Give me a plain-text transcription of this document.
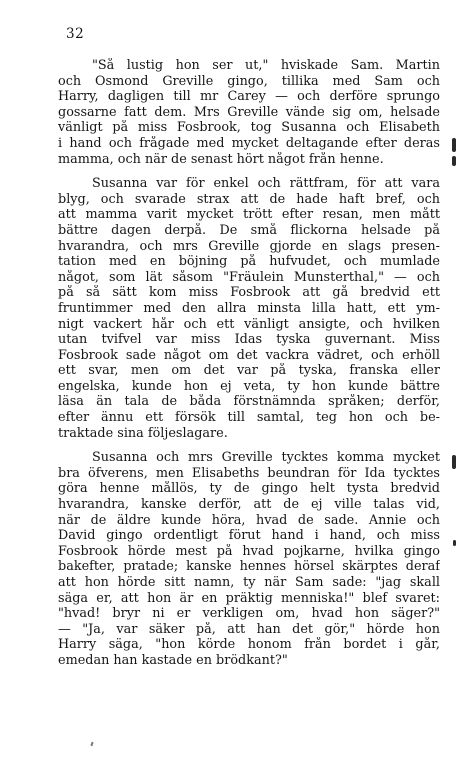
32
"Så lustig hon ser ut," hviskade Sam. Martin
och Osmond Greville gingo, tillika med Sam och
Harry, dagligen till mr Carey — och derföre sprungo
gossarne fatt dem. Mrs Greville vände sig om, helsade
vänligt på miss Fosbrook, tog Susanna och Elisabeth
i hand och frågade med mycket deltagande efter deras
mamma, och när de senast hört något från henne.
Susanna var för enkel och rättfram, för att vara
blyg, och svarade strax att de hade haft bref, och
att mamma varit mycket trött efter resan, men mått
bättre dagen derpå. De små flickorna helsade på
hvarandra, och mrs Greville gjorde en slags presen-
tation med en böjning på hufvudet, och mumlade
något, som lät såsom "Fräulein Munsterthal," — och
på så sätt kom miss Fosbrook att gå bredvid ett
fruntimmer med den allra minsta lilla hatt, ett ym-
nigt vackert hår och ett vänligt ansigte, och hvilken
utan tvifvel var miss Idas tyska guvernant. Miss
Fosbrook sade något om det vackra vädret, och erhöll
ett svar, men om det var på tyska, franska eller
engelska, kunde hon ej veta, ty hon kunde bättre
läsa än tala de båda förstnämnda språken; derför,
efter ännu ett försök till samtal, teg hon och be-
traktade sina följeslagare.
Susanna och mrs Greville tycktes komma mycket
bra öfverens, men Elisabeths beundran för Ida tycktes
göra henne mållös, ty de gingo helt tysta bredvid
hvarandra, kanske derför, att de ej ville talas vid,
när de äldre kunde höra, hvad de sade. Annie och
David gingo ordentligt förut hand i hand, och miss
Fosbrook hörde mest på hvad pojkarne, hvilka gingo
bakefter, pratade; kanske hennes hörsel skärptes deraf
att hon hörde sitt namn, ty när Sam sade: "jag skall
säga er, att hon är en präktig menniska!" blef svaret:
"hvad! bryr ni er verkligen om, hvad hon säger?"
— "Ja, var säker på, att han det gör," hörde hon
Harry säga, "hon körde honom från bordet i går,
emedan han kastade en brödkant?"
